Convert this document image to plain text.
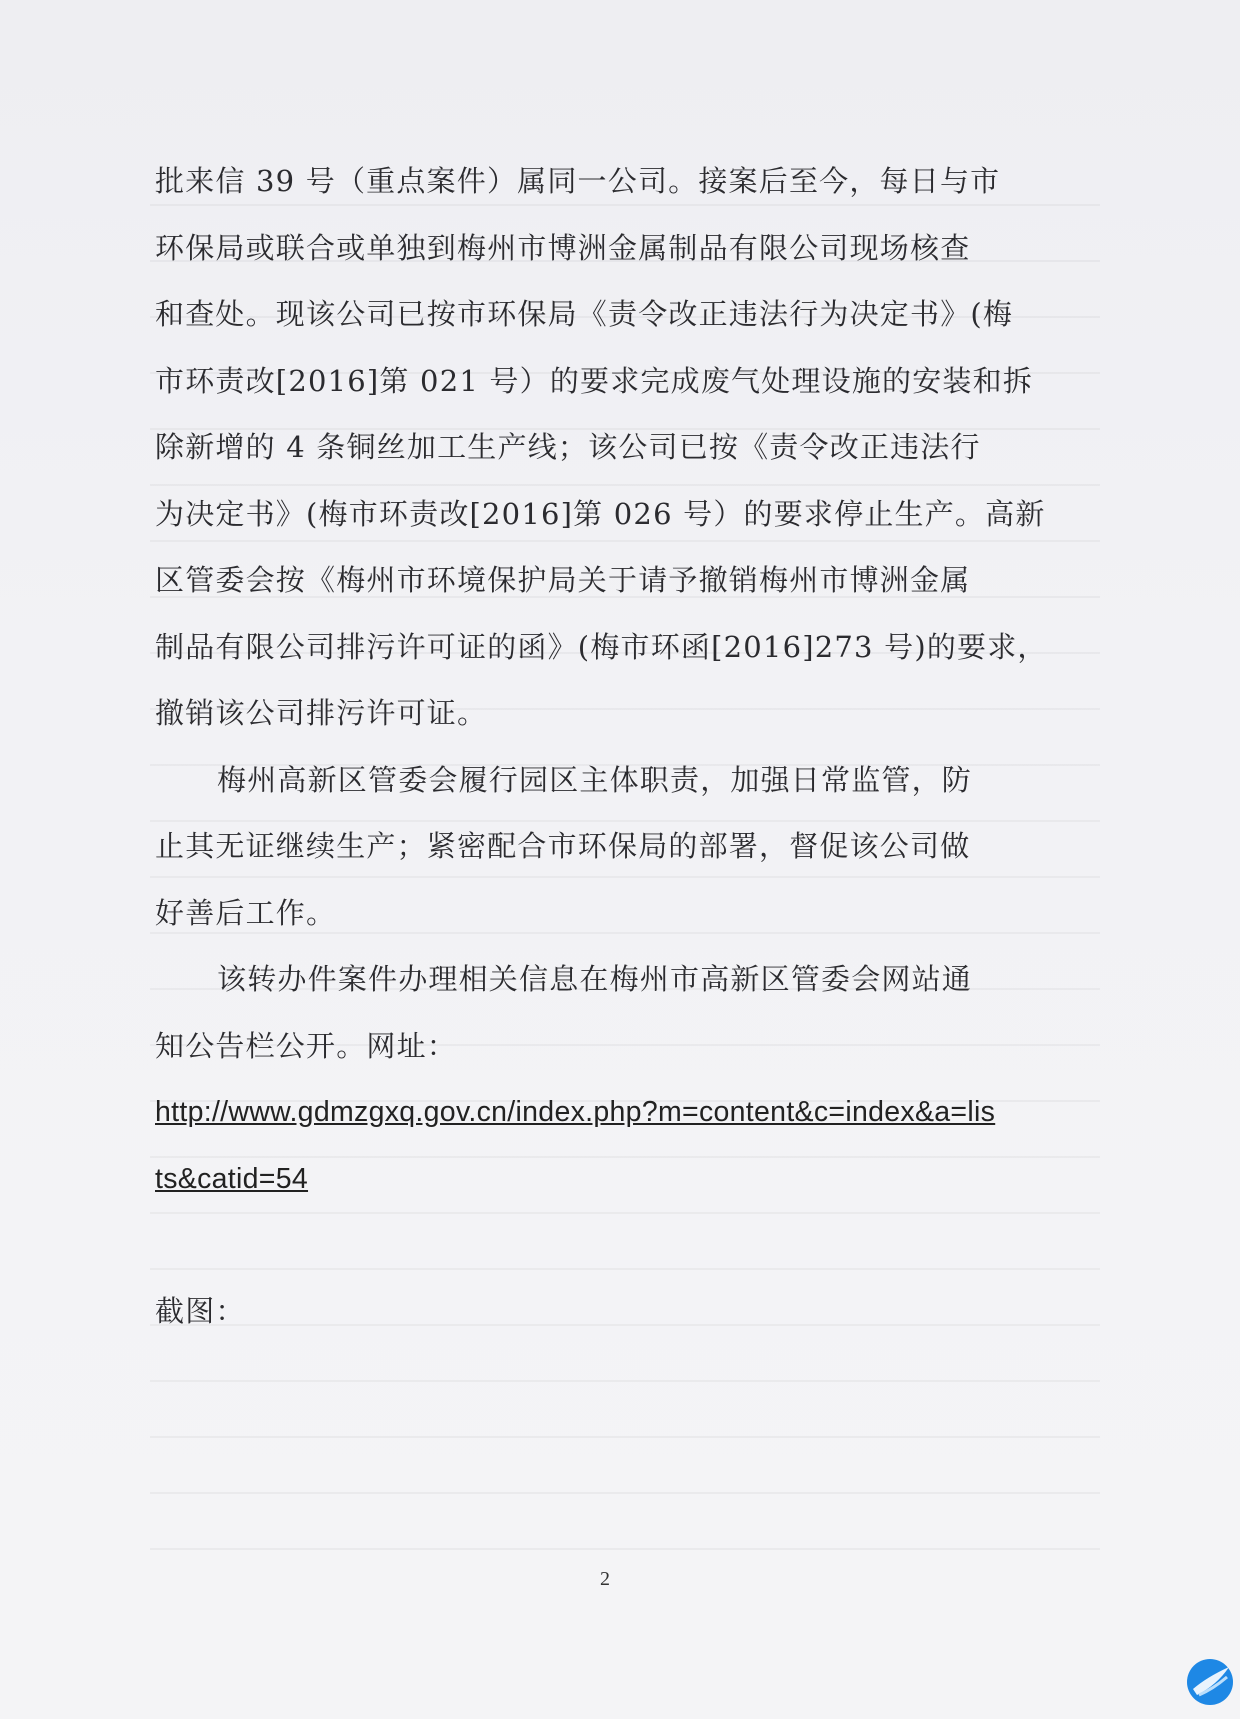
批来信 39 号（重点案件）属同一公司。接案后至今，每日与市
环保局或联合或单独到梅州市博洲金属制品有限公司现场核查
和查处。现该公司已按市环保局《责令改正违法行为决定书》(梅
市环责改[2016]第 021 号）的要求完成废气处理设施的安装和拆
除新增的 4 条铜丝加工生产线；该公司已按《责令改正违法行
为决定书》(梅市环责改[2016]第 026 号）的要求停止生产。高新
区管委会按《梅州市环境保护局关于请予撤销梅州市博洲金属
制品有限公司排污许可证的函》(梅市环函[2016]273 号)的要求，
撤销该公司排污许可证。
梅州高新区管委会履行园区主体职责，加强日常监管，防
止其无证继续生产；紧密配合市环保局的部署，督促该公司做
好善后工作。
该转办件案件办理相关信息在梅州市高新区管委会网站通
知公告栏公开。网址：
http://www.gdmzgxq.gov.cn/index.php?m=content&c=index&a=lis
ts&catid=54
截图：
2
